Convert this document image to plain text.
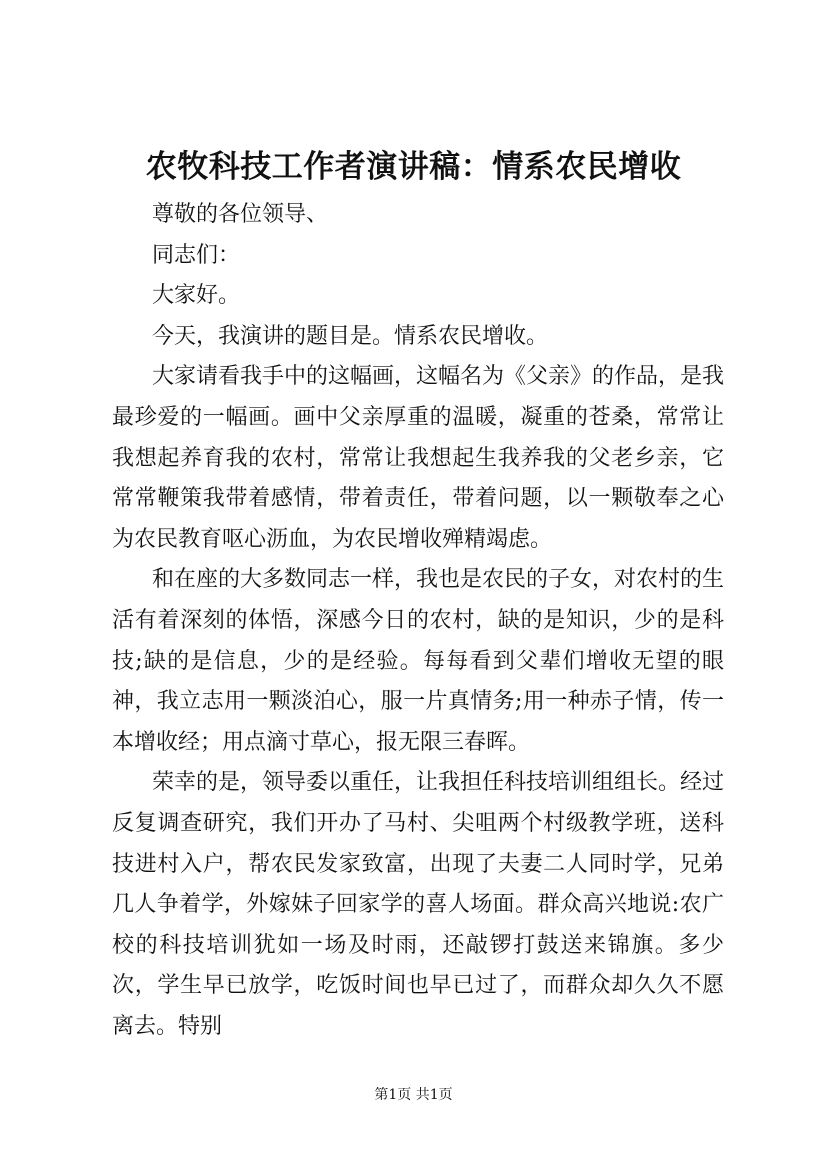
农牧科技工作者演讲稿：情系农民增收

尊敬的各位领导、

同志们：

大家好。

今天，我演讲的题目是。情系农民增收。

大家请看我手中的这幅画，这幅名为《父亲》的作品，是我最珍爱的一幅画。画中父亲厚重的温暖，凝重的苍桑，常常让我想起养育我的农村，常常让我想起生我养我的父老乡亲，它常常鞭策我带着感情，带着责任，带着问题，以一颗敬奉之心为农民教育呕心沥血，为农民增收殚精竭虑。

和在座的大多数同志一样，我也是农民的子女，对农村的生活有着深刻的体悟，深感今日的农村，缺的是知识，少的是科技;缺的是信息，少的是经验。每每看到父辈们增收无望的眼神，我立志用一颗淡泊心，服一片真情务;用一种赤子情，传一本增收经；用点滴寸草心，报无限三春晖。

荣幸的是，领导委以重任，让我担任科技培训组组长。经过反复调查研究，我们开办了马村、尖咀两个村级教学班，送科技进村入户，帮农民发家致富，出现了夫妻二人同时学，兄弟几人争着学，外嫁妹子回家学的喜人场面。群众高兴地说:农广校的科技培训犹如一场及时雨，还敲锣打鼓送来锦旗。多少次，学生早已放学，吃饭时间也早已过了，而群众却久久不愿离去。特别

第1页 共1页
